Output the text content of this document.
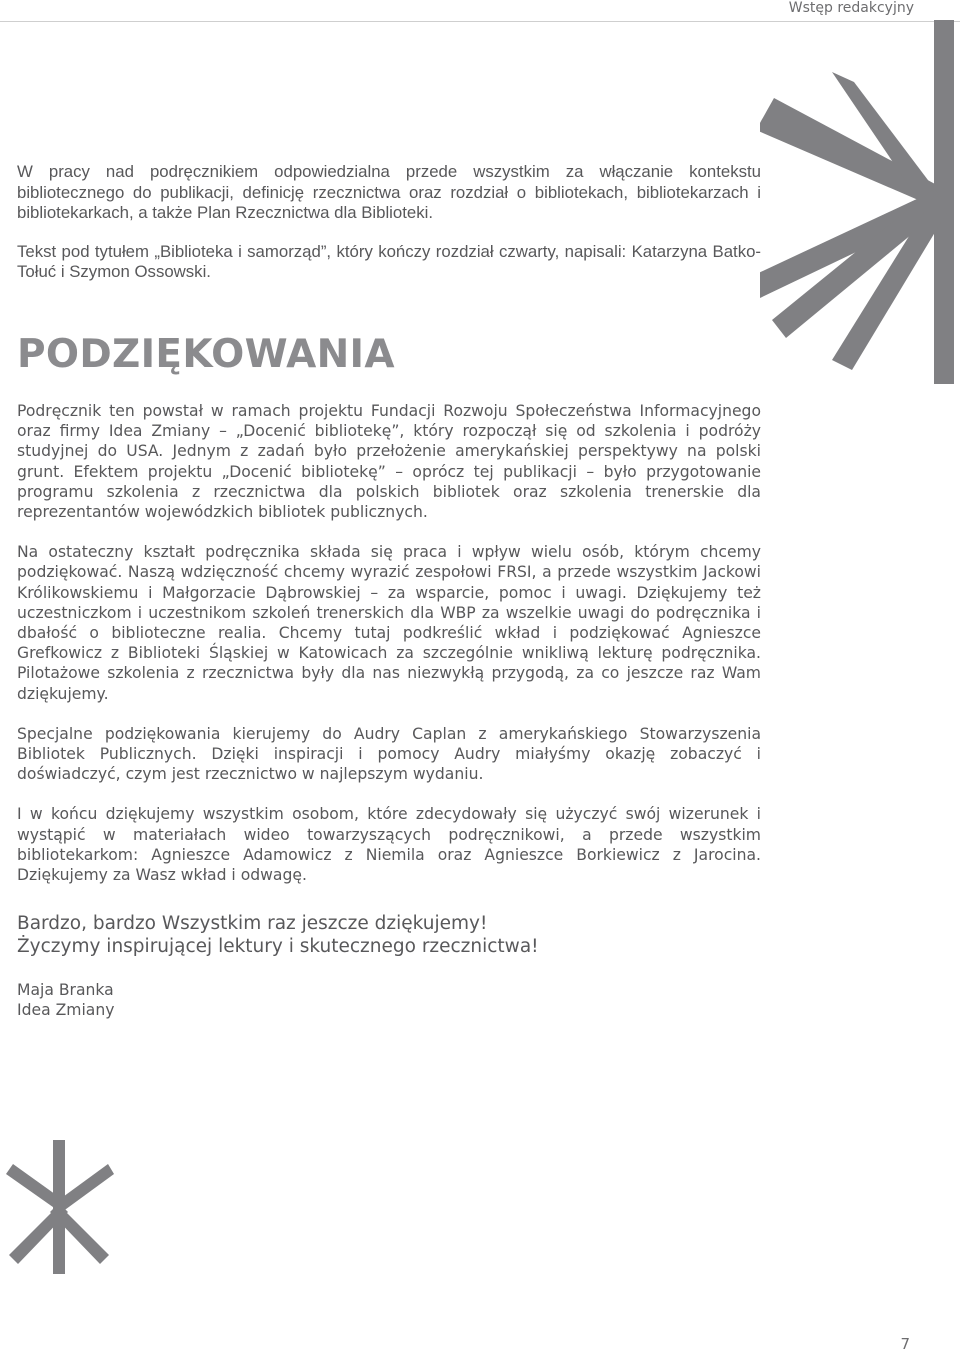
Wstęp redakcyjny

W pracy nad podręcznikiem odpowiedzialna przede wszystkim za włączanie kontekstu bibliotecznego do publikacji, definicję rzecznictwa oraz rozdział o bibliotekach, bibliotekarzach i bibliotekarkach, a także Plan Rzecznictwa dla Biblioteki.

Tekst pod tytułem „Biblioteka i samorząd”, który kończy rozdział czwarty, napisali: Katarzyna Batko-Tołuć i Szymon Ossowski.

PODZIĘKOWANIA

Podręcznik ten powstał w ramach projektu Fundacji Rozwoju Społeczeństwa Informacyjnego oraz firmy Idea Zmiany – „Docenić bibliotekę”, który rozpoczął się od szkolenia i podróży studyjnej do USA. Jednym z zadań było przełożenie amerykańskiej perspektywy na polski grunt. Efektem projektu „Docenić bibliotekę” – oprócz tej publikacji – było przygotowanie programu szkolenia z rzecznictwa dla polskich bibliotek oraz szkolenia trenerskie dla reprezentantów wojewódzkich bibliotek publicznych.

Na ostateczny kształt podręcznika składa się praca i wpływ wielu osób, którym chcemy podziękować. Naszą wdzięczność chcemy wyrazić zespołowi FRSI, a przede wszystkim Jackowi Królikowskiemu i Małgorzacie Dąbrowskiej – za wsparcie, pomoc i uwagi. Dziękujemy też uczestniczkom i uczestnikom szkoleń trenerskich dla WBP za wszelkie uwagi do podręcznika i dbałość o biblioteczne realia. Chcemy tutaj podkreślić wkład i podziękować Agnieszce Grefkowicz z Biblioteki Śląskiej w Katowicach za szczególnie wnikliwą lekturę podręcznika. Pilotażowe szkolenia z rzecznictwa były dla nas niezwykłą przygodą, za co jeszcze raz Wam dziękujemy.

Specjalne podziękowania kierujemy do Audry Caplan z amerykańskiego Stowarzyszenia Bibliotek Publicznych. Dzięki inspiracji i pomocy Audry miałyśmy okazję zobaczyć i doświadczyć, czym jest rzecznictwo w najlepszym wydaniu.

I w końcu dziękujemy wszystkim osobom, które zdecydowały się użyczyć swój wizerunek i wystąpić w materiałach wideo towarzyszących podręcznikowi, a przede wszystkim bibliotekarkom: Agnieszce Adamowicz z Niemila oraz Agnieszce Borkiewicz z Jarocina. Dziękujemy za Wasz wkład i odwagę.

Bardzo, bardzo Wszystkim raz jeszcze dziękujemy!
Życzymy inspirującej lektury i skutecznego rzecznictwa!
Maja Branka
Idea Zmiany
7
